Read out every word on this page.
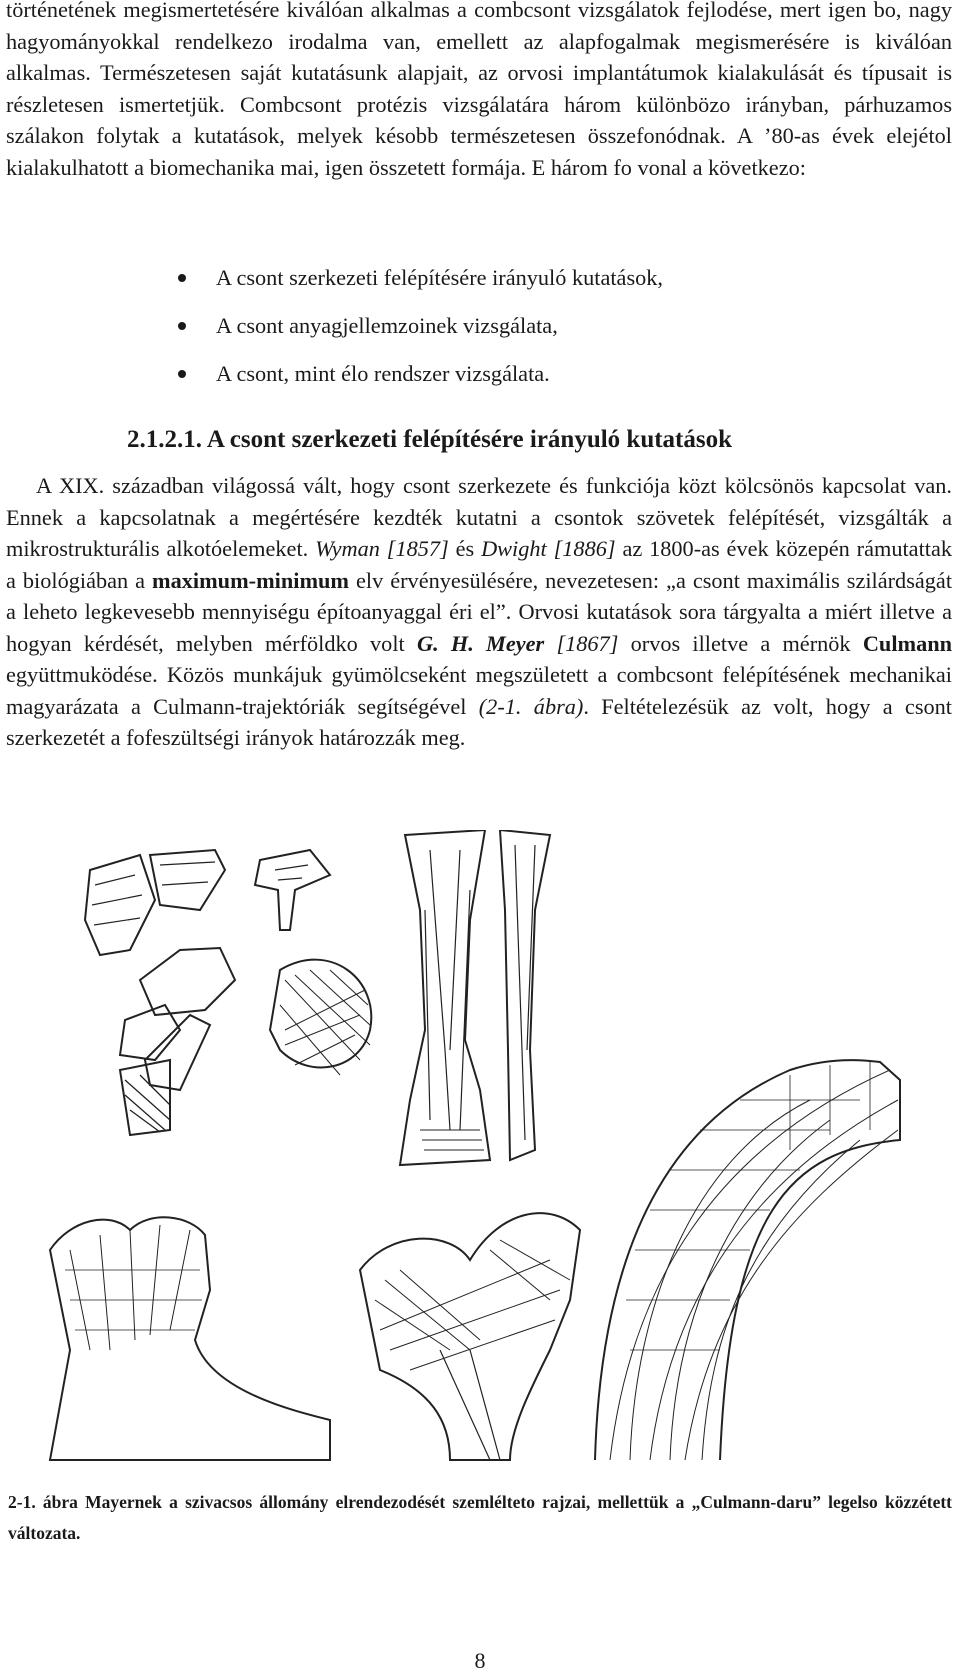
történetének megismertetésére kiválóan alkalmas a combcsont vizsgálatok fejlodése, mert igen bo, nagy hagyományokkal rendelkezo irodalma van, emellett az alapfogalmak megismerésére is kiválóan alkalmas. Természetesen saját kutatásunk alapjait, az orvosi implantátumok kialakulását és típusait is részletesen ismertetjük. Combcsont protézis vizsgálatára három különbözo irányban, párhuzamos szálakon folytak a kutatások, melyek késobb természetesen összefonódnak. A ’80-as évek elejétol kialakulhatott a biomechanika mai, igen összetett formája. E három fo vonal a következo:

A csont szerkezeti felépítésére irányuló kutatások,
A csont anyagjellemzoinek vizsgálata,
A csont, mint élo rendszer vizsgálata.
2.1.2.1. A csont szerkezeti felépítésére irányuló kutatások

A XIX. században világossá vált, hogy csont szerkezete és funkciója közt kölcsönös kapcsolat van. Ennek a kapcsolatnak a megértésére kezdték kutatni a csontok szövetek felépítését, vizsgálták a mikrostrukturális alkotóelemeket. Wyman [1857] és Dwight [1886] az 1800-as évek közepén rámutattak a biológiában a maximum-minimum elv érvényesülésére, nevezetesen: „a csont maximális szilárdságát a leheto legkevesebb mennyiségu építoanyaggal éri el”. Orvosi kutatások sora tárgyalta a miért illetve a hogyan kérdését, melyben mérföldko volt G. H. Meyer [1867] orvos illetve a mérnök Culmann együttmuködése. Közös munkájuk gyümölcseként megszületett a combcsont felépítésének mechanikai magyarázata a Culmann-trajektóriák segítségével (2-1. ábra). Feltételezésük az volt, hogy a csont szerkezetét a fofeszültségi irányok határozzák meg.

2-1. ábra Mayernek a szivacsos állomány elrendezodését szemlélteto rajzai, mellettük a „Culmann-daru” legelso közzétett változata.

8
